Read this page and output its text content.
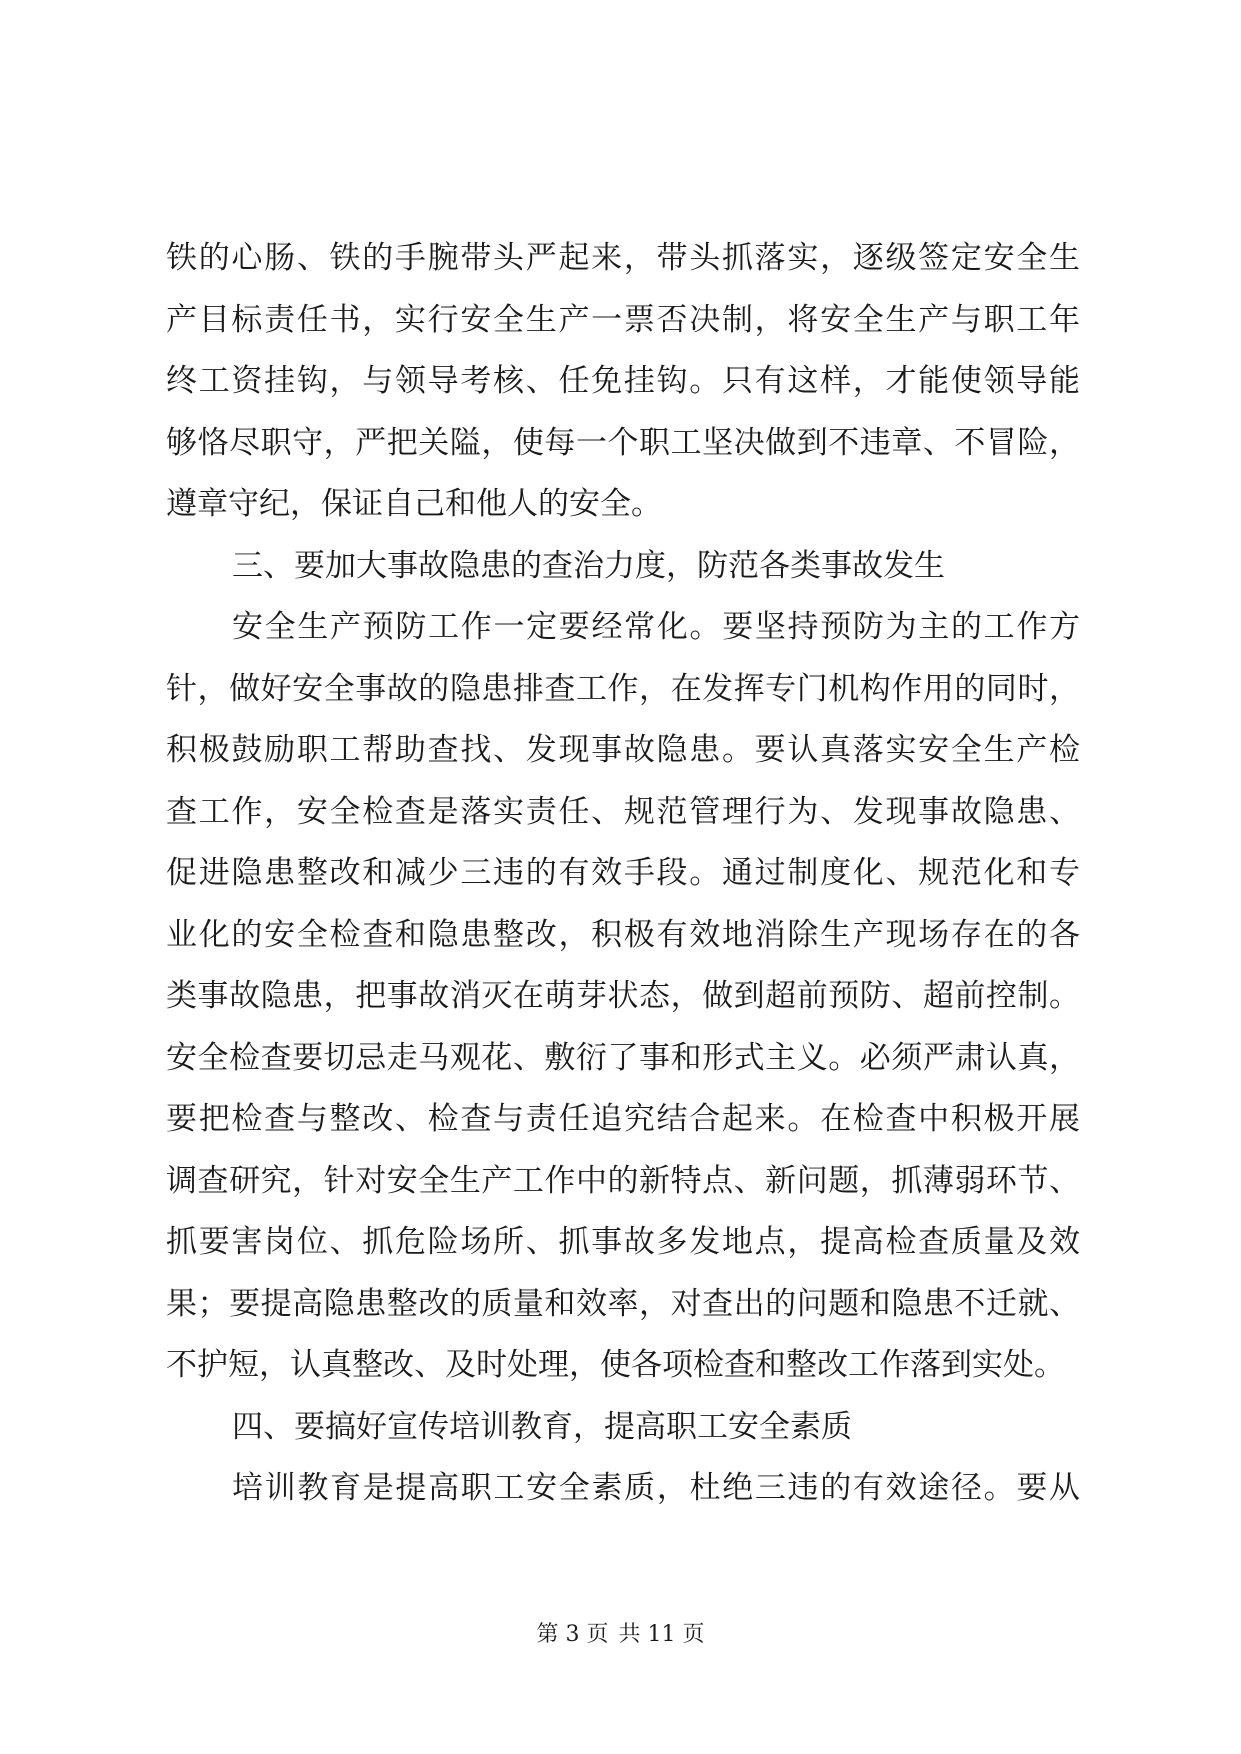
铁的心肠、铁的手腕带头严起来，带头抓落实，逐级签定安全生
产目标责任书，实行安全生产一票否决制，将安全生产与职工年
终工资挂钩，与领导考核、任免挂钩。只有这样，才能使领导能
够恪尽职守，严把关隘，使每一个职工坚决做到不违章、不冒险，
遵章守纪，保证自己和他人的安全。
三、要加大事故隐患的查治力度，防范各类事故发生
安全生产预防工作一定要经常化。要坚持预防为主的工作方
针，做好安全事故的隐患排查工作，在发挥专门机构作用的同时，
积极鼓励职工帮助查找、发现事故隐患。要认真落实安全生产检
查工作，安全检查是落实责任、规范管理行为、发现事故隐患、
促进隐患整改和减少三违的有效手段。通过制度化、规范化和专
业化的安全检查和隐患整改，积极有效地消除生产现场存在的各
类事故隐患，把事故消灭在萌芽状态，做到超前预防、超前控制。
安全检查要切忌走马观花、敷衍了事和形式主义。必须严肃认真，
要把检查与整改、检查与责任追究结合起来。在检查中积极开展
调查研究，针对安全生产工作中的新特点、新问题，抓薄弱环节、
抓要害岗位、抓危险场所、抓事故多发地点，提高检查质量及效
果；要提高隐患整改的质量和效率，对查出的问题和隐患不迁就、
不护短，认真整改、及时处理，使各项检查和整改工作落到实处。
四、要搞好宣传培训教育，提高职工安全素质
培训教育是提高职工安全素质，杜绝三违的有效途径。要从
第 3 页 共 11 页
